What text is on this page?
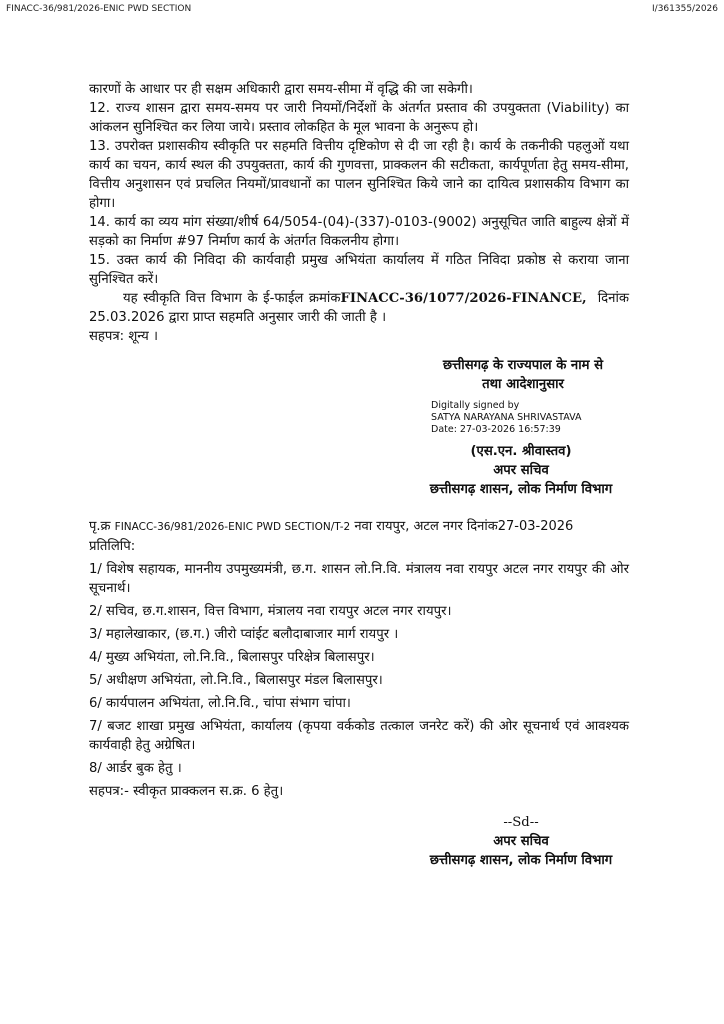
FINACC-36/981/2026-ENIC PWD SECTION	I/361355/2026

कारणों के आधार पर ही सक्षम अधिकारी द्वारा समय-सीमा में वृद्धि की जा सकेगी।

12. राज्य शासन द्वारा समय-समय पर जारी नियमों/निर्देशों के अंतर्गत प्रस्ताव की उपयुक्तता (Viability) का आंकलन सुनिश्चित कर लिया जाये। प्रस्ताव लोकहित के मूल भावना के अनुरूप हो।

13. उपरोक्त प्रशासकीय स्वीकृति पर सहमति वित्तीय दृष्टिकोण से दी जा रही है। कार्य के तकनीकी पहलुओं यथा कार्य का चयन, कार्य स्थल की उपयुक्तता, कार्य की गुणवत्ता, प्राक्कलन की सटीकता, कार्यपूर्णता हेतु समय-सीमा, वित्तीय अनुशासन एवं प्रचलित नियमों/प्रावधानों का पालन सुनिश्चित किये जाने का दायित्व प्रशासकीय विभाग का होगा।

14. कार्य का व्यय मांग संख्या/शीर्ष 64/5054-(04)-(337)-0103-(9002) अनुसूचित जाति बाहुल्य क्षेत्रों में सड़को का निर्माण #97 निर्माण कार्य के अंतर्गत विकलनीय होगा।

15. उक्त कार्य की निविदा की कार्यवाही प्रमुख अभियंता कार्यालय में गठित निविदा प्रकोष्ठ से कराया जाना सुनिश्चित करें।

यह स्वीकृति वित्त विभाग के ई-फाईल क्रमांकFINACC-36/1077/2026-FINANCE, दिनांक 25.03.2026 द्वारा प्राप्त सहमति अनुसार जारी की जाती है ।

सहपत्र: शून्य ।

छत्तीसगढ़ के राज्यपाल के नाम से
तथा आदेशानुसार
Digitally signed by
SATYA NARAYANA SHRIVASTAVA
Date: 27-03-2026 16:57:39
(एस.एन. श्रीवास्तव)
अपर सचिव
छत्तीसगढ़ शासन, लोक निर्माण विभाग

पृ.क्र FINACC-36/981/2026-ENIC PWD SECTION/T-2 नवा रायपुर, अटल नगर दिनांक27-03-2026

प्रतिलिपि:

1/ विशेष सहायक, माननीय उपमुख्यमंत्री, छ.ग. शासन लो.नि.वि. मंत्रालय नवा रायपुर अटल नगर रायपुर की ओर सूचनार्थ।

2/ सचिव, छ.ग.शासन, वित्त विभाग, मंत्रालय नवा रायपुर अटल नगर रायपुर।

3/ महालेखाकार, (छ.ग.) जीरो प्वांईट बलौदाबाजार मार्ग रायपुर ।

4/ मुख्य अभियंता, लो.नि.वि., बिलासपुर परिक्षेत्र बिलासपुर।

5/ अधीक्षण अभियंता, लो.नि.वि., बिलासपुर मंडल बिलासपुर।

6/ कार्यपालन अभियंता, लो.नि.वि., चांपा संभाग चांपा।

7/ बजट शाखा प्रमुख अभियंता, कार्यालय (कृपया वर्ककोड तत्काल जनरेट करें) की ओर सूचनार्थ एवं आवश्यक कार्यवाही हेतु अग्रेषित।

8/ आर्डर बुक हेतु ।

सहपत्र:- स्वीकृत प्राक्कलन स.क्र. 6 हेतु।

--Sd--
अपर सचिव
छत्तीसगढ़ शासन, लोक निर्माण विभाग
